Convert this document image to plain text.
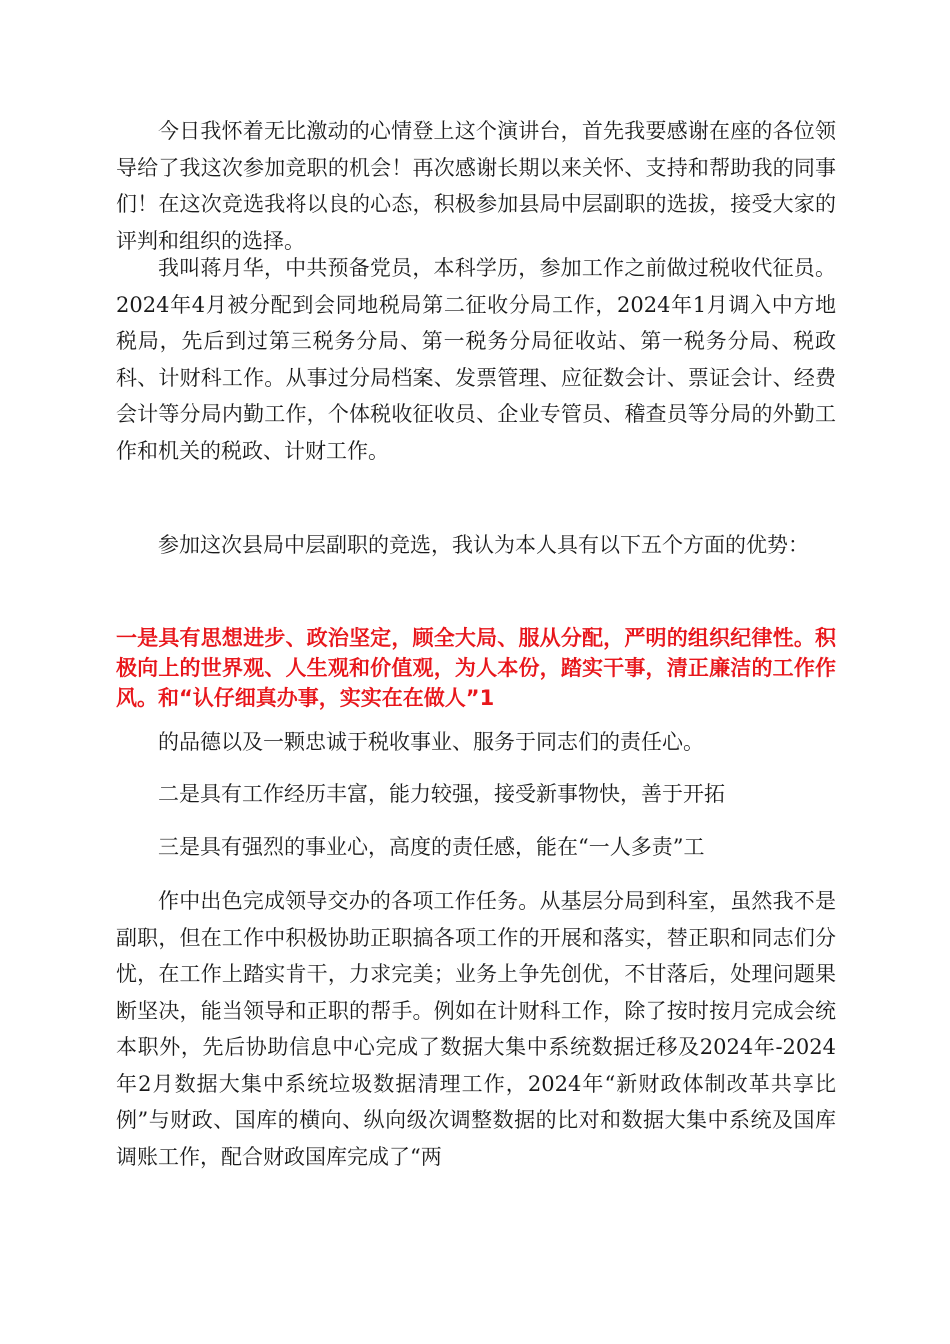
今日我怀着无比激动的心情登上这个演讲台，首先我要感谢在座的各位领导给了我这次参加竞职的机会！再次感谢长期以来关怀、支持和帮助我的同事们！在这次竞选我将以良的心态，积极参加县局中层副职的选拔，接受大家的评判和组织的选择。

我叫蒋月华，中共预备党员，本科学历，参加工作之前做过税收代征员。2024年4月被分配到会同地税局第二征收分局工作，2024年1月调入中方地税局，先后到过第三税务分局、第一税务分局征收站、第一税务分局、税政科、计财科工作。从事过分局档案、发票管理、应征数会计、票证会计、经费会计等分局内勤工作，个体税收征收员、企业专管员、稽查员等分局的外勤工作和机关的税政、计财工作。

参加这次县局中层副职的竞选，我认为本人具有以下五个方面的优势：

一是具有思想进步、政治坚定，顾全大局、服从分配，严明的组织纪律性。积极向上的世界观、人生观和价值观，为人本份，踏实干事，清正廉洁的工作作风。和“认仔细真办事，实实在在做人”1

的品德以及一颗忠诚于税收事业、服务于同志们的责任心。

二是具有工作经历丰富，能力较强，接受新事物快，善于开拓

三是具有强烈的事业心，高度的责任感，能在“一人多责”工

作中出色完成领导交办的各项工作任务。从基层分局到科室，虽然我不是副职，但在工作中积极协助正职搞各项工作的开展和落实，替正职和同志们分忧，在工作上踏实肯干，力求完美；业务上争先创优，不甘落后，处理问题果断坚决，能当领导和正职的帮手。例如在计财科工作，除了按时按月完成会统本职外，先后协助信息中心完成了数据大集中系统数据迁移及2024年-2024年2月数据大集中系统垃圾数据清理工作，2024年“新财政体制改革共享比例”与财政、国库的横向、纵向级次调整数据的比对和数据大集中系统及国库调账工作，配合财政国库完成了“两
